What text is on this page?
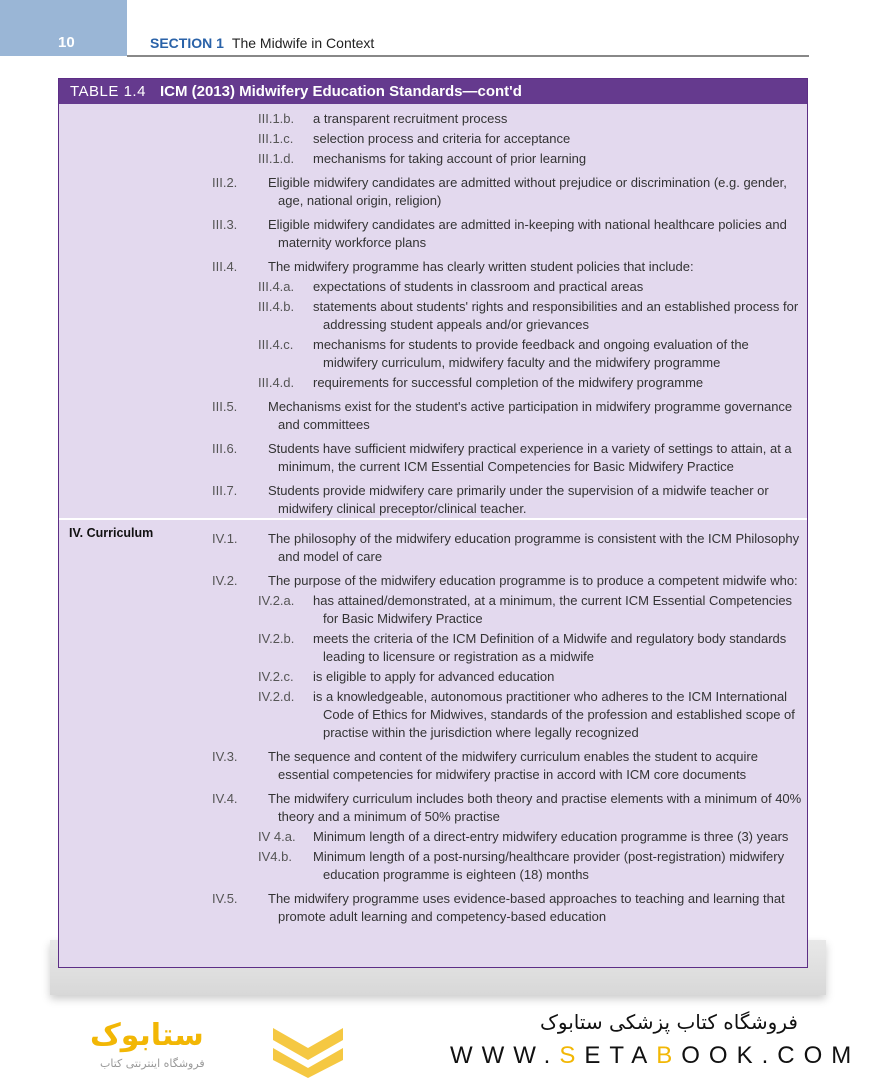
10	SECTION 1 The Midwife in Context
TABLE 1.4 ICM (2013) Midwifery Education Standards—cont'd
III.1.b. a transparent recruitment process
III.1.c. selection process and criteria for acceptance
III.1.d. mechanisms for taking account of prior learning
III.2. Eligible midwifery candidates are admitted without prejudice or discrimination (e.g. gender, age, national origin, religion)
III.3. Eligible midwifery candidates are admitted in-keeping with national healthcare policies and maternity workforce plans
III.4. The midwifery programme has clearly written student policies that include:
III.4.a. expectations of students in classroom and practical areas
III.4.b. statements about students' rights and responsibilities and an established process for addressing student appeals and/or grievances
III.4.c. mechanisms for students to provide feedback and ongoing evaluation of the midwifery curriculum, midwifery faculty and the midwifery programme
III.4.d. requirements for successful completion of the midwifery programme
III.5. Mechanisms exist for the student's active participation in midwifery programme governance and committees
III.6. Students have sufficient midwifery practical experience in a variety of settings to attain, at a minimum, the current ICM Essential Competencies for Basic Midwifery Practice
III.7. Students provide midwifery care primarily under the supervision of a midwife teacher or midwifery clinical preceptor/clinical teacher.
IV. Curriculum	IV.1. The philosophy of the midwifery education programme is consistent with the ICM Philosophy and model of care
IV.2. The purpose of the midwifery education programme is to produce a competent midwife who:
IV.2.a. has attained/demonstrated, at a minimum, the current ICM Essential Competencies for Basic Midwifery Practice
IV.2.b. meets the criteria of the ICM Definition of a Midwife and regulatory body standards leading to licensure or registration as a midwife
IV.2.c. is eligible to apply for advanced education
IV.2.d. is a knowledgeable, autonomous practitioner who adheres to the ICM International Code of Ethics for Midwives, standards of the profession and established scope of practise within the jurisdiction where legally recognized
IV.3. The sequence and content of the midwifery curriculum enables the student to acquire essential competencies for midwifery practise in accord with ICM core documents
IV.4. The midwifery curriculum includes both theory and practise elements with a minimum of 40% theory and a minimum of 50% practise
IV 4.a. Minimum length of a direct-entry midwifery education programme is three (3) years
IV4.b. Minimum length of a post-nursing/healthcare provider (post-registration) midwifery education programme is eighteen (18) months
IV.5. The midwifery programme uses evidence-based approaches to teaching and learning that promote adult learning and competency-based education
ستابوک
فروشگاه اینترنتی کتاب
فروشگاه کتاب پزشکی ستابوک
WWW.SETABOOK.COM
